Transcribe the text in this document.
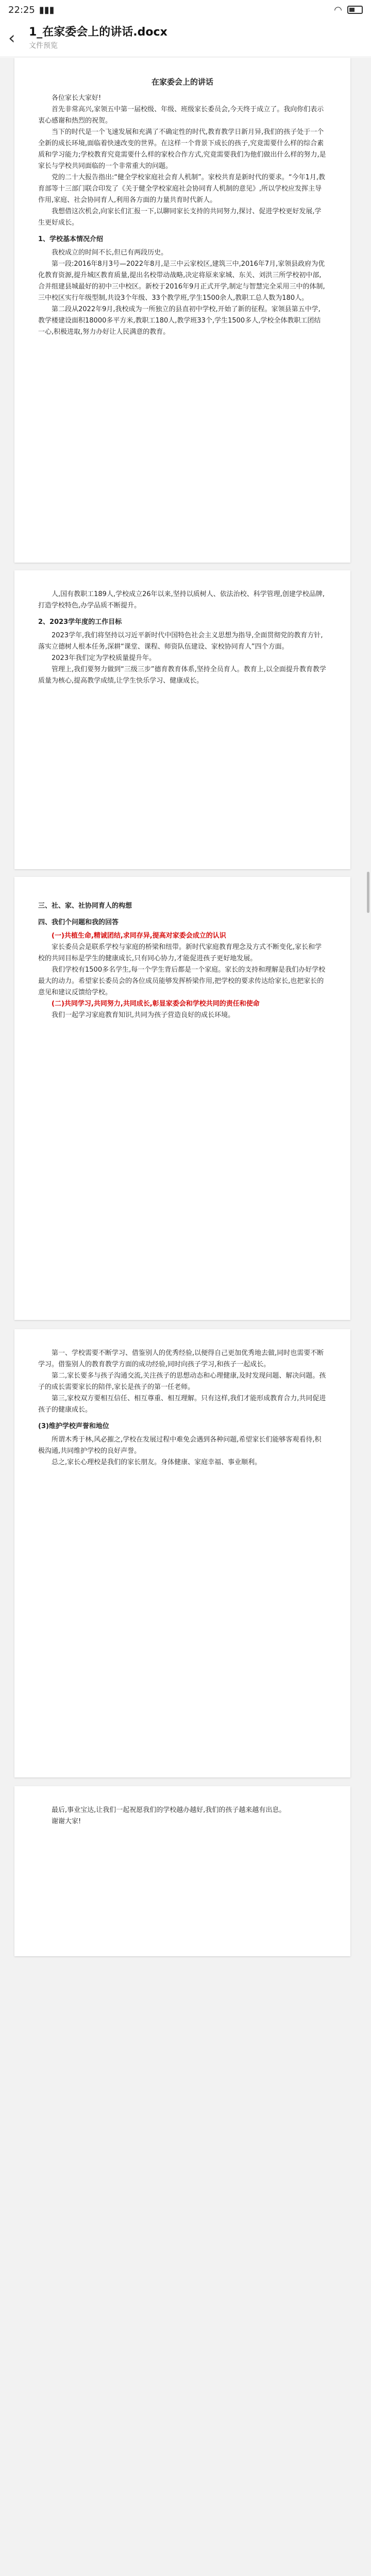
22:25 ▮▮▮	◠
‹	1_在家委会上的讲话.docx
文件预览

在家委会上的讲话

各位家长大家好!

首先非常高兴,家领五中第一届校级、年级、班级家长委员会,今天终于成立了。我向你们表示衷心感谢和热烈的祝贺。

当下的时代是一个飞速发展和充满了不确定性的时代,教育教学日新月异,我们的孩子处于一个全新的成长环境,面临着快速改变的世界。在这样一个背景下成长的孩子,究竟需要什么样的综合素质和学习能力;学校教育究竟需要什么样的家校合作方式,究竟需要我们为他们做出什么样的努力,是家长与学校共同面临的一个非常重大的问题。

党的二十大报告指出:“健全学校家庭社会育人机制”。家校共育是新时代的要求。“今年1月,教育部等十三部门联合印发了《关于健全学校家庭社会协同育人机制的意见》,所以学校应发挥主导作用,家庭、社会协同育人,利用各方面的力量共育时代新人。

我想借这次机会,向家长们汇报一下,以聊同家长支持的共同努力,探讨、促进学校更好发展,学生更好成长。

1、学校基本情况介绍

我校成立的时间不长,但已有两段历史。

第一段:2016年8月3号—2022年8月,是三中云家校区,建筑三中,2016年7月,家领县政府为优化教育资源,提升城区教育质量,提出名校带动战略,决定将原来家城、东关、刘洪三所学校初中部,合并组建县城最好的初中三中校区。新校于2016年9月正式开学,制定与智慧完全采用三中的体制,三中校区实行年级型制,共设3个年级、33个教学班,学生1500余人,教职工总人数为180人。

第二段从2022年9月,我校成为一所独立的县直初中学校,开始了新的征程。家领县第五中学,教学楼建设面积18000多平方米,教职工180人,教学班33个,学生1500多人,学校全体教职工团结一心,积极进取,努力办好让人民满意的教育。

人,国有教职工189人,学校成立26年以来,坚持以质树人、依法治校、科学管理,创建学校品牌,打造学校特色,办学品质不断提升。

2、2023学年度的工作目标

2023学年,我们将坚持以习近平新时代中国特色社会主义思想为指导,全面贯彻党的教育方针,落实立德树人根本任务,深耕“课堂、课程、师资队伍建设、家校协同育人”四个方面。

2023年我们定为学校质量提升年。

管理上,我们要努力做到“三级三步”德育教育体系,坚持全员育人。教育上,以全面提升教育教学质量为核心,提高教学成绩,让学生快乐学习、健康成长。

三、社、家、社协同育人的构想

四、我们个问题和我的回答

(一)共植生命,精诚团结,求同存异,提高对家委会成立的认识

家长委员会是联系学校与家庭的桥梁和纽带。新时代家庭教育理念及方式不断变化,家长和学校的共同目标是学生的健康成长,只有同心协力,才能促进孩子更好地发展。

我们学校有1500多名学生,每一个学生背后都是一个家庭。家长的支持和理解是我们办好学校最大的动力。希望家长委员会的各位成员能够发挥桥梁作用,把学校的要求传达给家长,也把家长的意见和建议反馈给学校。

(二)共同学习,共同努力,共同成长,彰显家委会和学校共同的责任和使命

我们一起学习家庭教育知识,共同为孩子营造良好的成长环境。

第一、学校需要不断学习、借鉴别人的优秀经验,以便得自己更加优秀地去做,同时也需要不断学习。借鉴别人的教育教学方面的成功经验,同时向孩子学习,和孩子一起成长。

第二,家长要多与孩子沟通交流,关注孩子的思想动态和心理健康,及时发现问题、解决问题。孩子的成长需要家长的陪伴,家长是孩子的第一任老师。

第三,家校双方要相互信任、相互尊重、相互理解。只有这样,我们才能形成教育合力,共同促进孩子的健康成长。

(3)维护学校声誉和地位

所谓木秀于林,风必摧之,学校在发展过程中难免会遇到各种问题,希望家长们能够客观看待,积极沟通,共同维护学校的良好声誉。

总之,家长心理校是我们的家长朋友。身体健康、家庭幸福、事业顺利。

最后,事业宝达,让我们一起祝愿我们的学校越办越好,我们的孩子越来越有出息。

谢谢大家!
